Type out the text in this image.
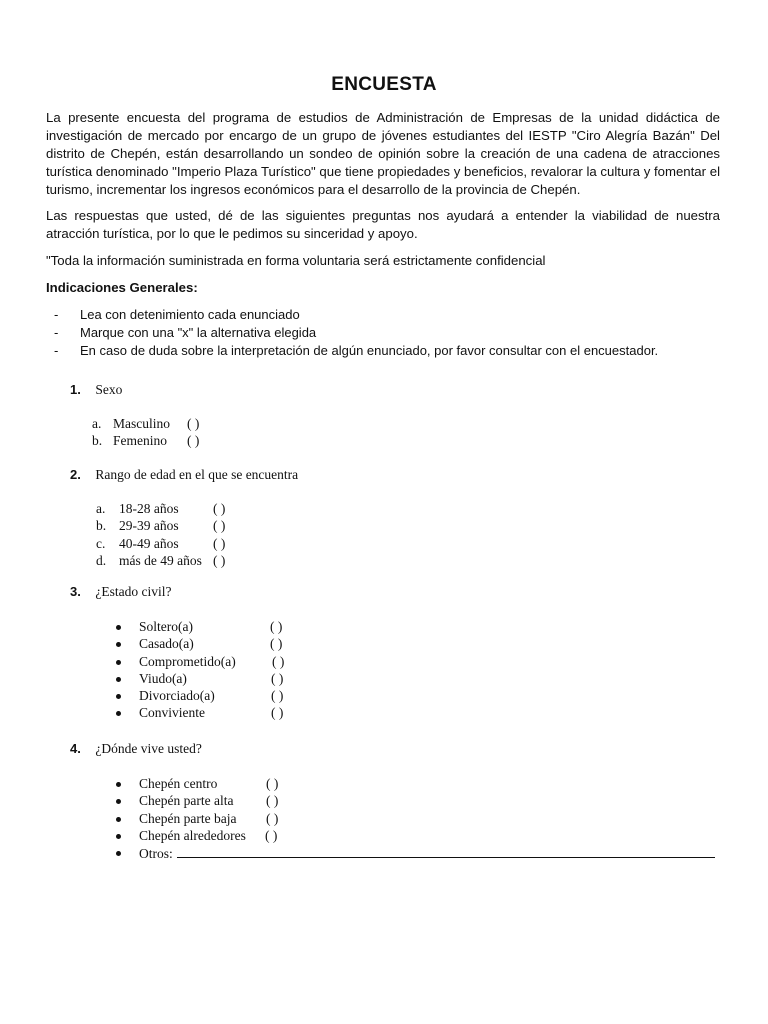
ENCUESTA

La presente encuesta del programa de estudios de Administración de Empresas de la unidad didáctica de investigación de mercado por encargo de un grupo de jóvenes estudiantes del IESTP "Ciro Alegría Bazán" Del distrito de Chepén, están desarrollando un sondeo de opinión sobre la creación de una cadena de atracciones turística denominado "Imperio Plaza Turístico" que tiene propiedades y beneficios, revalorar la cultura y fomentar el turismo, incrementar los ingresos económicos para el desarrollo de la provincia de Chepén.

Las respuestas que usted, dé de las siguientes preguntas nos ayudará a entender la viabilidad de nuestra atracción turística, por lo que le pedimos su sinceridad y apoyo.

"Toda la información suministrada en forma voluntaria será estrictamente confidencial

Indicaciones Generales:

- Lea con detenimiento cada enunciado
- Marque con una "x" la alternativa elegida
- En caso de duda sobre la interpretación de algún enunciado, por favor consultar con el encuestador.
1. Sexo
a. Masculino ( )
b. Femenino ( )
2. Rango de edad en el que se encuentra
a. 18-28 años	( )
b. 29-39 años	( )
c. 40-49 años	( )
d. más de 49 años ( )
3. ¿Estado civil?
Soltero(a)	( )
Casado(a)	( )
Comprometido(a)	( )
Viudo(a)	( )
Divorciado(a)	( )
Conviviente	( )
4. ¿Dónde vive usted?
Chepén centro	( )
Chepén parte alta ( )
Chepén parte baja ( )
Chepén alrededores ( )
Otros:
